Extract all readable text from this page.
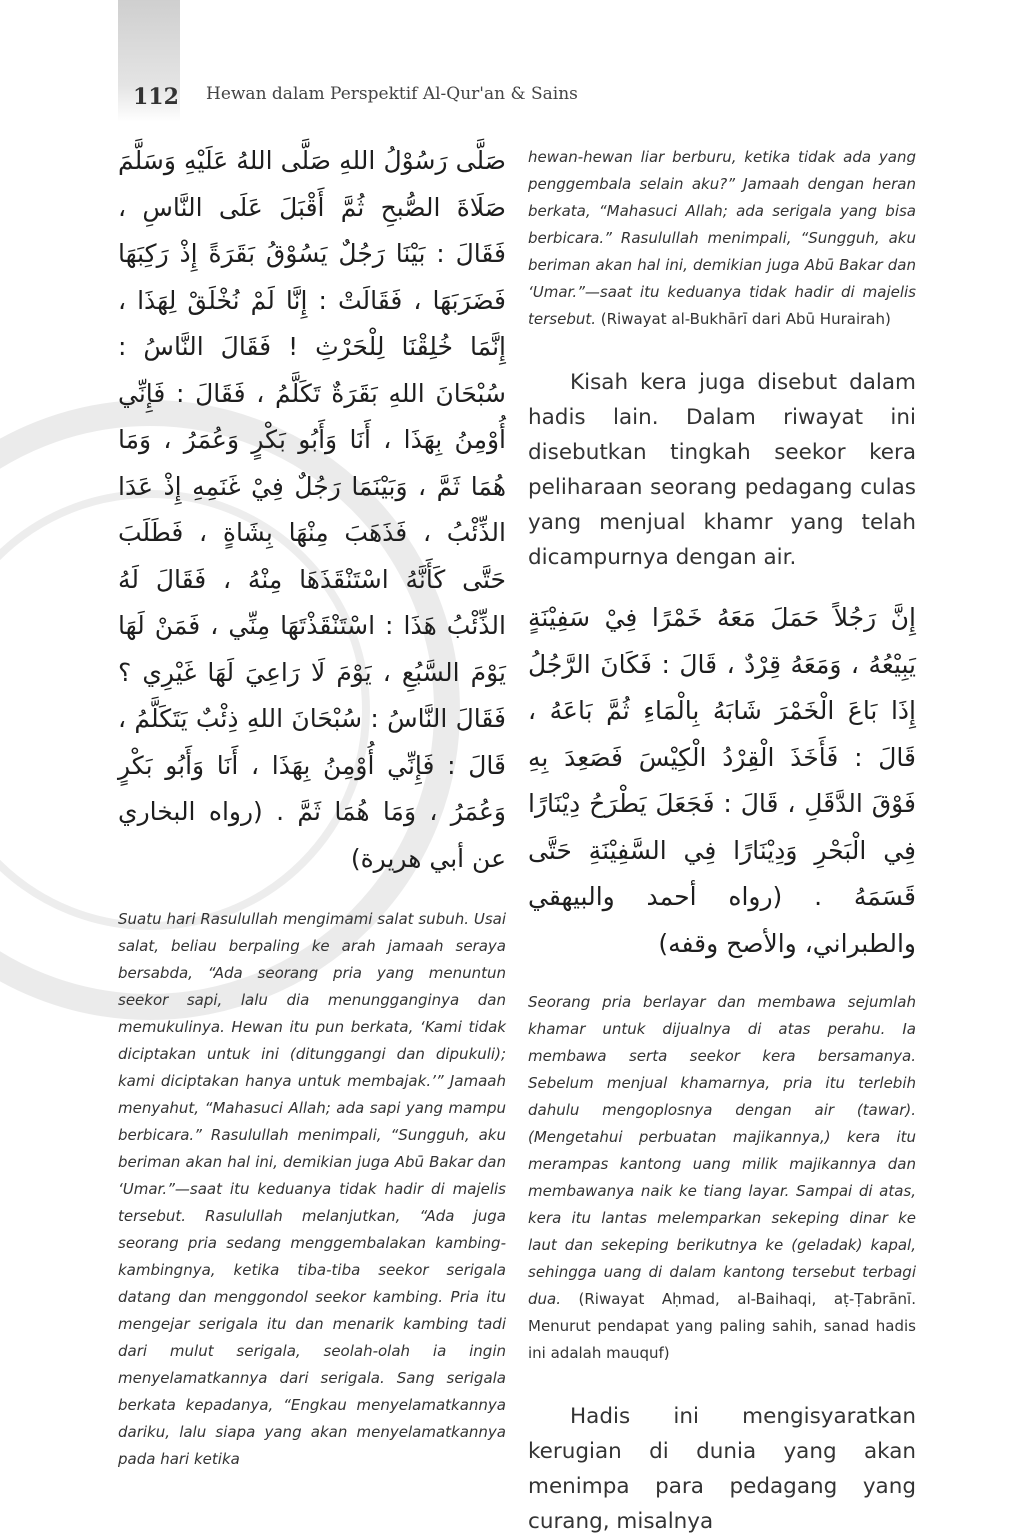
112 Hewan dalam Perspektif Al-Qur'an & Sains

صَلَّى رَسُوْلُ اللهِ صَلَّى اللهُ عَلَيْهِ وَسَلَّمَ صَلَاةَ الصُّبحِ ثُمَّ أَقْبَلَ عَلَى النَّاسِ ، فَقَالَ : بَيْنَا رَجُلٌ يَسُوْقُ بَقَرَةً إِذْ رَكِبَهَا فَضَرَبَهَا ، فَقَالَتْ : إِنَّا لَمْ نُخْلَقْ لِهَذَا ، إِنَّمَا خُلِقْنَا لِلْحَرْثِ ! فَقَالَ النَّاسُ : سُبْحَانَ اللهِ بَقَرَةٌ تَكَلَّمُ ، فَقَالَ : فَإِنِّي أُوْمِنُ بِهَذَا ، أَنَا وَأَبُو بَكْرٍ وَعُمَرُ ، وَمَا هُمَا ثَمَّ ، وَبَيْنَمَا رَجُلٌ فِيْ غَنَمِهِ إِذْ عَدَا الذِّئْبُ ، فَذَهَبَ مِنْهَا بِشَاةٍ ، فَطَلَبَ حَتَّى كَأَنَّهُ اسْتَنْقَذَهَا مِنْهُ ، فَقَالَ لَهُ الذِّئْبُ هَذَا : اسْتَنْقَذْتَهَا مِنِّي ، فَمَنْ لَهَا يَوْمَ السَّبُعِ ، يَوْمَ لَا رَاعِيَ لَهَا غَيْرِي ؟ فَقَالَ النَّاسُ : سُبْحَانَ اللهِ ذِئْبٌ يَتَكَلَّمُ ، قَالَ : فَإِنِّي أُوْمِنُ بِهَذَا ، أَنَا وَأَبُو بَكْرٍ وَعُمَرُ ، وَمَا هُمَا ثَمَّ . (رواه البخاري عن أبي هريرة)

Suatu hari Rasulullah mengimami salat subuh. Usai salat, beliau berpaling ke arah jamaah seraya bersabda, “Ada seorang pria yang menuntun seekor sapi, lalu dia menungganginya dan memukulinya. Hewan itu pun berkata, ‘Kami tidak diciptakan untuk ini (ditunggangi dan dipukuli); kami diciptakan hanya untuk membajak.’” Jamaah menyahut, “Mahasuci Allah; ada sapi yang mampu berbicara.” Rasulullah menimpali, “Sungguh, aku beriman akan hal ini, demikian juga Abū Bakar dan ‘Umar.”—saat itu keduanya tidak hadir di majelis tersebut. Rasulullah melanjutkan, “Ada juga seorang pria sedang menggembalakan kambing-kambingnya, ketika tiba-tiba seekor serigala datang dan menggondol seekor kambing. Pria itu mengejar serigala itu dan menarik kambing tadi dari mulut serigala, seolah-olah ia ingin menyelamatkannya dari serigala. Sang serigala berkata kepadanya, “Engkau menyelamatkannya dariku, lalu siapa yang akan menyelamatkannya pada hari ketika

hewan-hewan liar berburu, ketika tidak ada yang penggembala selain aku?” Jamaah dengan heran berkata, “Mahasuci Allah; ada serigala yang bisa berbicara.” Rasulullah menimpali, “Sungguh, aku beriman akan hal ini, demikian juga Abū Bakar dan ‘Umar.”—saat itu keduanya tidak hadir di majelis tersebut. (Riwayat al-Bukhārī dari Abū Hurairah)

Kisah kera juga disebut dalam hadis lain. Dalam riwayat ini disebutkan tingkah seekor kera peliharaan seorang pedagang culas yang menjual khamr yang telah dicampurnya dengan air.

إِنَّ رَجُلاً حَمَلَ مَعَهُ خَمْرًا فِيْ سَفِيْنَةٍ يَبِيْعُهُ ، وَمَعَهُ قِرْدٌ ، قَالَ : فَكَانَ الرَّجُلُ إِذَا بَاعَ الْخَمْرَ شَابَهُ بِالْمَاءِ ثُمَّ بَاعَهُ ، قَالَ : فَأَخَذَ الْقِرْدُ الْكِيْسَ فَصَعِدَ بِهِ فَوْقَ الدَّقَلِ ، قَالَ : فَجَعَلَ يَطْرَحُ دِيْنَارًا فِي الْبَحْرِ وَدِيْنَارًا فِي السَّفِيْنَةِ حَتَّى قَسَمَهُ . (رواه أحمد والبيهقي والطبراني، والأصح وقفه)

Seorang pria berlayar dan membawa sejumlah khamar untuk dijualnya di atas perahu. Ia membawa serta seekor kera bersamanya. Sebelum menjual khamarnya, pria itu terlebih dahulu mengoplosnya dengan air (tawar). (Mengetahui perbuatan majikannya,) kera itu merampas kantong uang milik majikannya dan membawanya naik ke tiang layar. Sampai di atas, kera itu lantas melemparkan sekeping dinar ke laut dan sekeping berikutnya ke (geladak) kapal, sehingga uang di dalam kantong tersebut terbagi dua. (Riwayat Aḥmad, al-Baihaqi, aṭ-Ṭabrānī. Menurut pendapat yang paling sahih, sanad hadis ini adalah mauquf)

Hadis ini mengisyaratkan kerugian di dunia yang akan menimpa para pedagang yang curang, misalnya
